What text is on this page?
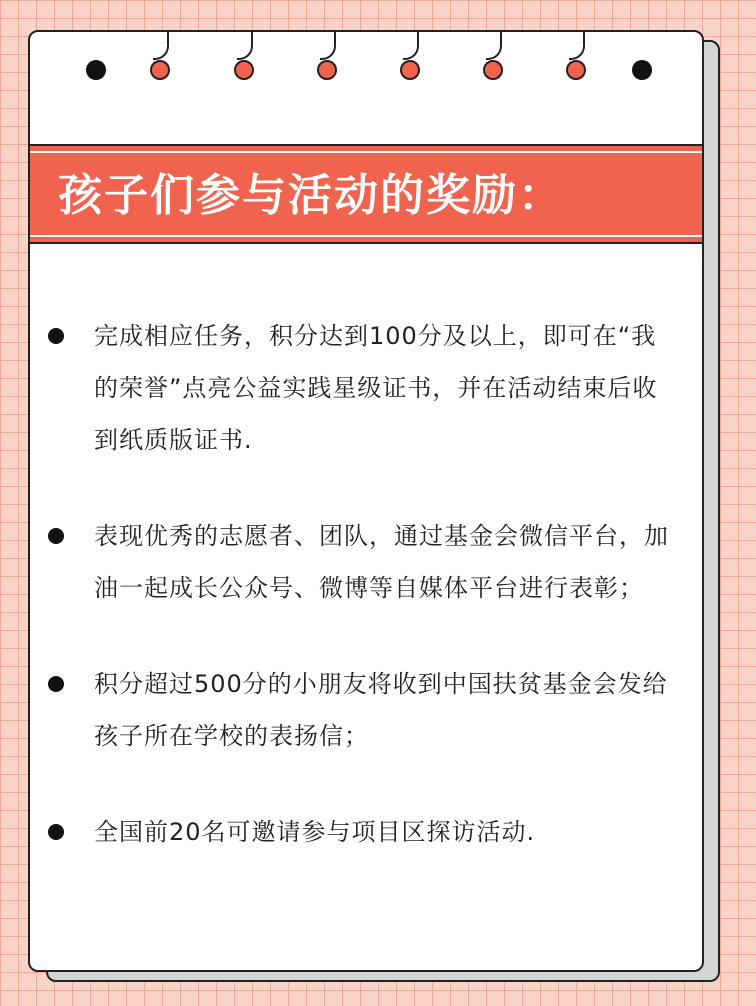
孩子们参与活动的奖励：
完成相应任务，积分达到100分及以上，即可在“我的荣誉”点亮公益实践星级证书，并在活动结束后收到纸质版证书.
表现优秀的志愿者、团队，通过基金会微信平台，加油一起成长公众号、微博等自媒体平台进行表彰；
积分超过500分的小朋友将收到中国扶贫基金会发给孩子所在学校的表扬信；
全国前20名可邀请参与项目区探访活动.
